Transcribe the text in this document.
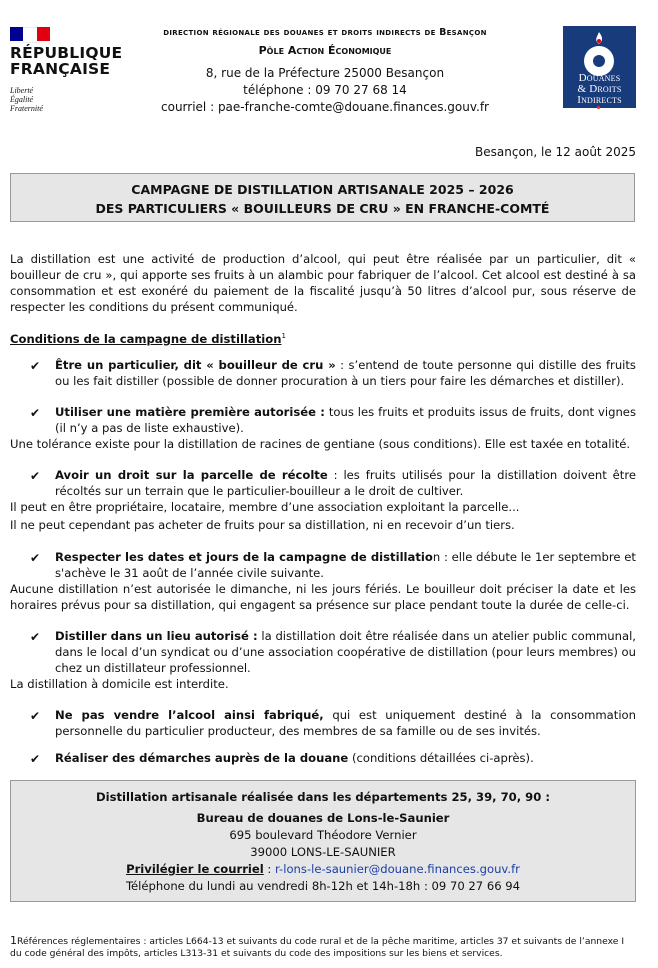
RÉPUBLIQUE
FRANÇAISE
Liberté
Égalité
Fraternité
direction régionale des douanes et droits indirects de Besançon
Pôle Action Économique
8, rue de la Préfecture 25000 Besançon
téléphone : 09 70 27 68 14
courriel : pae-franche-comte@douane.finances.gouv.fr
Douanes
& Droits
Indirects
Besançon, le 12 août 2025
CAMPAGNE DE DISTILLATION ARTISANALE 2025 – 2026
DES PARTICULIERS « BOUILLEURS DE CRU » EN FRANCHE-COMTÉ
La distillation est une activité de production d’alcool, qui peut être réalisée par un particulier, dit « bouilleur de cru », qui apporte ses fruits à un alambic pour fabriquer de l’alcool. Cet alcool est destiné à sa consommation et est exonéré du paiement de la fiscalité jusqu’à 50 litres d’alcool pur, sous réserve de respecter les conditions du présent communiqué.
Conditions de la campagne de distillation$^1$
✔ Être un particulier, dit « bouilleur de cru » : s’entend de toute personne qui distille des fruits ou les fait distiller (possible de donner procuration à un tiers pour faire les démarches et distiller).
✔ Utiliser une matière première autorisée : tous les fruits et produits issus de fruits, dont vignes (il n’y a pas de liste exhaustive).
Une tolérance existe pour la distillation de racines de gentiane (sous conditions). Elle est taxée en totalité.
✔ Avoir un droit sur la parcelle de récolte : les fruits utilisés pour la distillation doivent être récoltés sur un terrain que le particulier-bouilleur a le droit de cultiver.
Il peut en être propriétaire, locataire, membre d’une association exploitant la parcelle...
Il ne peut cependant pas acheter de fruits pour sa distillation, ni en recevoir d’un tiers.
✔ Respecter les dates et jours de la campagne de distillation : elle débute le 1er septembre et s'achève le 31 août de l’année civile suivante.
Aucune distillation n’est autorisée le dimanche, ni les jours fériés. Le bouilleur doit préciser la date et les horaires prévus pour sa distillation, qui engagent sa présence sur place pendant toute la durée de celle-ci.
✔ Distiller dans un lieu autorisé : la distillation doit être réalisée dans un atelier public communal, dans le local d’un syndicat ou d’une association coopérative de distillation (pour leurs membres) ou chez un distillateur professionnel.
La distillation à domicile est interdite.
✔ Ne pas vendre l’alcool ainsi fabriqué, qui est uniquement destiné à la consommation personnelle du particulier producteur, des membres de sa famille ou de ses invités.
✔ Réaliser des démarches auprès de la douane (conditions détaillées ci-après).
Distillation artisanale réalisée dans les départements 25, 39, 70, 90 :
Bureau de douanes de Lons-le-Saunier
695 boulevard Théodore Vernier
39000 LONS-LE-SAUNIER
Privilégier le courriel : r-lons-le-saunier@douane.finances.gouv.fr
Téléphone du lundi au vendredi 8h-12h et 14h-18h : 09 70 27 66 94
1Références réglementaires : articles L664-13 et suivants du code rural et de la pêche maritime, articles 37 et suivants de l’annexe I du code général des impôts, articles L313-31 et suivants du code des impositions sur les biens et services.
